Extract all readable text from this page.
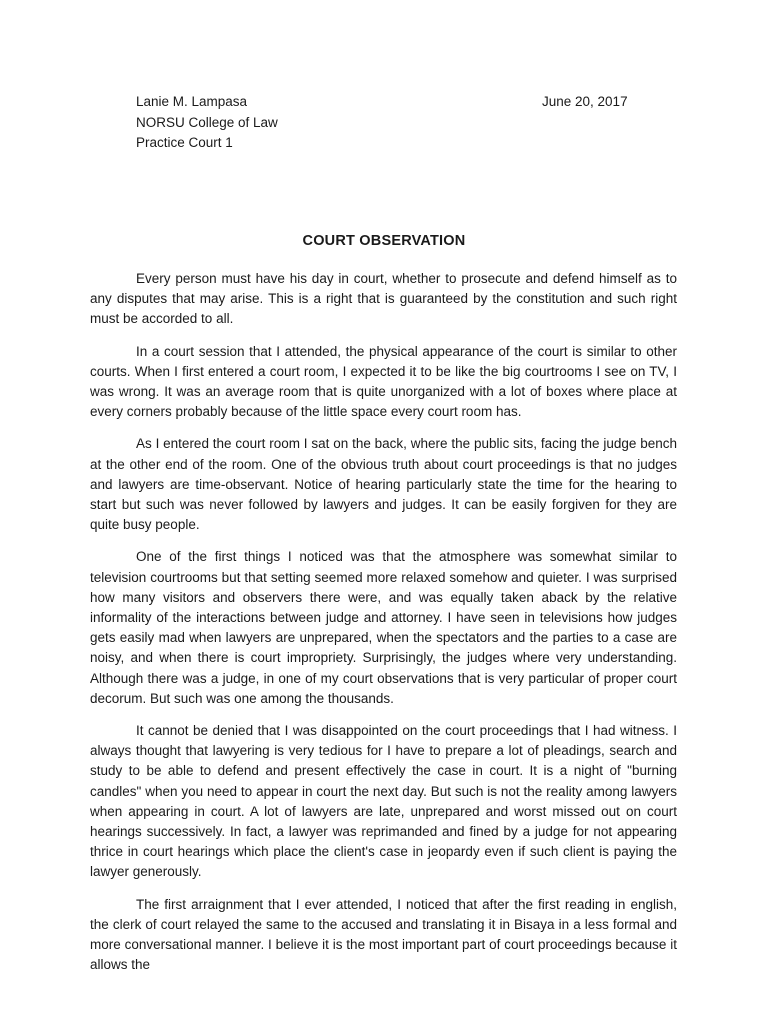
Lanie M. Lampasa
NORSU College of Law
Practice Court 1
June 20, 2017
COURT OBSERVATION

Every person must have his day in court, whether to prosecute and defend himself as to any disputes that may arise. This is a right that is guaranteed by the constitution and such right must be accorded to all.

In a court session that I attended, the physical appearance of the court is similar to other courts. When I first entered a court room, I expected it to be like the big courtrooms I see on TV, I was wrong. It was an average room that is quite unorganized with a lot of boxes where place at every corners probably because of the little space every court room has.

As I entered the court room I sat on the back, where the public sits, facing the judge bench at the other end of the room. One of the obvious truth about court proceedings is that no judges and lawyers are time-observant. Notice of hearing particularly state the time for the hearing to start but such was never followed by lawyers and judges. It can be easily forgiven for they are quite busy people.

One of the first things I noticed was that the atmosphere was somewhat similar to television courtrooms but that setting seemed more relaxed somehow and quieter. I was surprised how many visitors and observers there were, and was equally taken aback by the relative informality of the interactions between judge and attorney. I have seen in televisions how judges gets easily mad when lawyers are unprepared, when the spectators and the parties to a case are noisy, and when there is court impropriety. Surprisingly, the judges where very understanding. Although there was a judge, in one of my court observations that is very particular of proper court decorum. But such was one among the thousands.

It cannot be denied that I was disappointed on the court proceedings that I had witness. I always thought that lawyering is very tedious for I have to prepare a lot of pleadings, search and study to be able to defend and present effectively the case in court. It is a night of "burning candles" when you need to appear in court the next day. But such is not the reality among lawyers when appearing in court. A lot of lawyers are late, unprepared and worst missed out on court hearings successively. In fact, a lawyer was reprimanded and fined by a judge for not appearing thrice in court hearings which place the client's case in jeopardy even if such client is paying the lawyer generously.

The first arraignment that I ever attended, I noticed that after the first reading in english, the clerk of court relayed the same to the accused and translating it in Bisaya in a less formal and more conversational manner. I believe it is the most important part of court proceedings because it allows the
